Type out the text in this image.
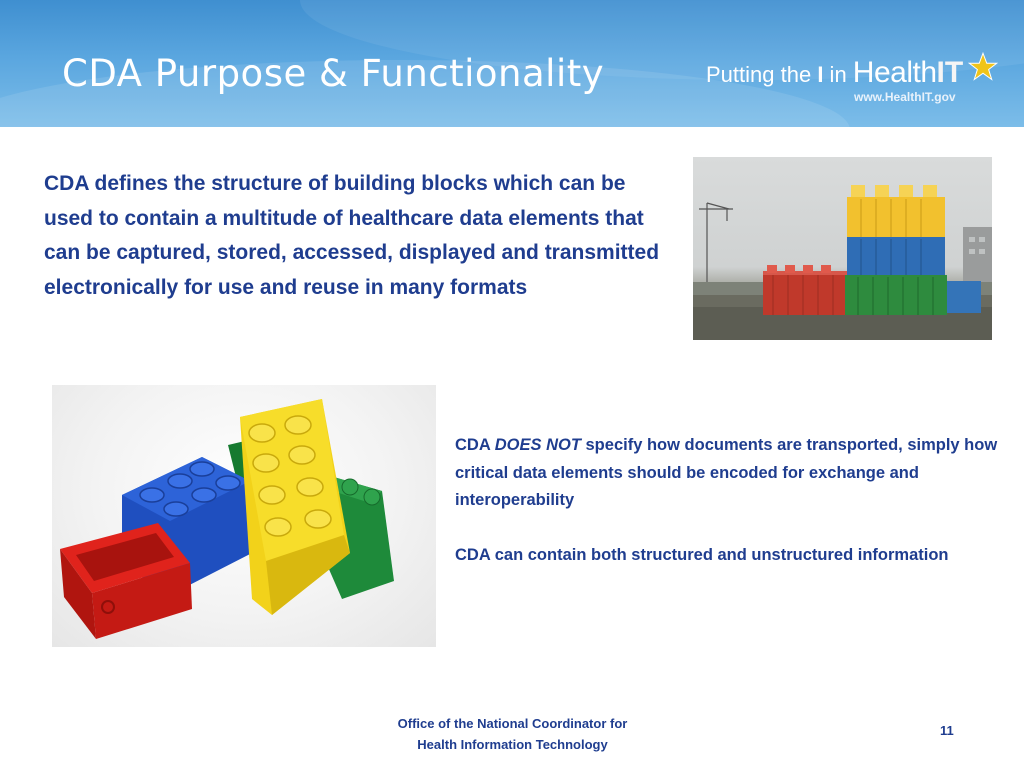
CDA Purpose & Functionality	Putting the I in HealthIT
www.HealthIT.gov
CDA defines the structure of building blocks which can be used to contain a multitude of healthcare data elements that can be captured, stored, accessed, displayed and transmitted electronically for use and reuse in many formats

CDA DOES NOT specify how documents are transported, simply how critical data elements should be encoded for exchange and interoperability

CDA can contain both structured and unstructured information

Office of the National Coordinator for
Health Information Technology
11
